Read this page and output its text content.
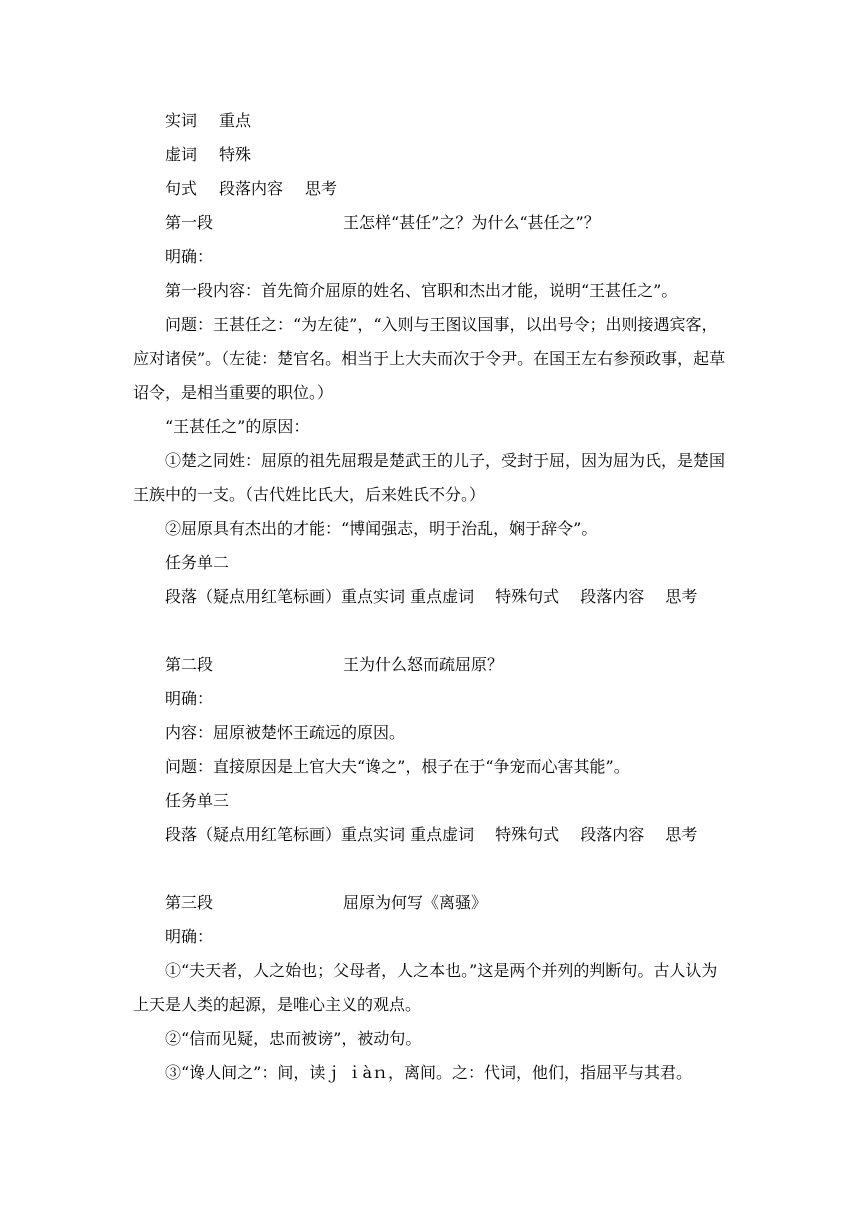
实词 重点
虚词 特殊
句式 段落内容 思考
第一段	王怎样“甚任”之？为什么“甚任之”？
明确：
第一段内容：首先简介屈原的姓名、官职和杰出才能，说明“王甚任之”。
问题：王甚任之：“为左徒”，“入则与王图议国事，以出号令；出则接遇宾客，应对诸侯”。（左徒：楚官名。相当于上大夫而次于令尹。在国王左右参预政事，起草诏令，是相当重要的职位。）
“王甚任之”的原因：
①楚之同姓：屈原的祖先屈瑕是楚武王的儿子，受封于屈，因为屈为氏，是楚国王族中的一支。（古代姓比氏大，后来姓氏不分。）
②屈原具有杰出的才能：“博闻强志，明于治乱，娴于辞令”。
任务单二
段落（疑点用红笔标画）重点实词 重点虚词　 特殊句式　 段落内容　 思考
第二段	王为什么怒而疏屈原？
明确：
内容：屈原被楚怀王疏远的原因。
问题：直接原因是上官大夫“谗之”，根子在于“争宠而心害其能”。
任务单三
段落（疑点用红笔标画）重点实词 重点虚词　 特殊句式　 段落内容　 思考
第三段	屈原为何写《离骚》
明确：
①“夫天者，人之始也；父母者，人之本也。”这是两个并列的判断句。古人认为上天是人类的起源，是唯心主义的观点。
②“信而见疑，忠而被谤”，被动句。
③“谗人间之”：间，读ｊ ｉàｎ，离间。之：代词，他们，指屈平与其君。
